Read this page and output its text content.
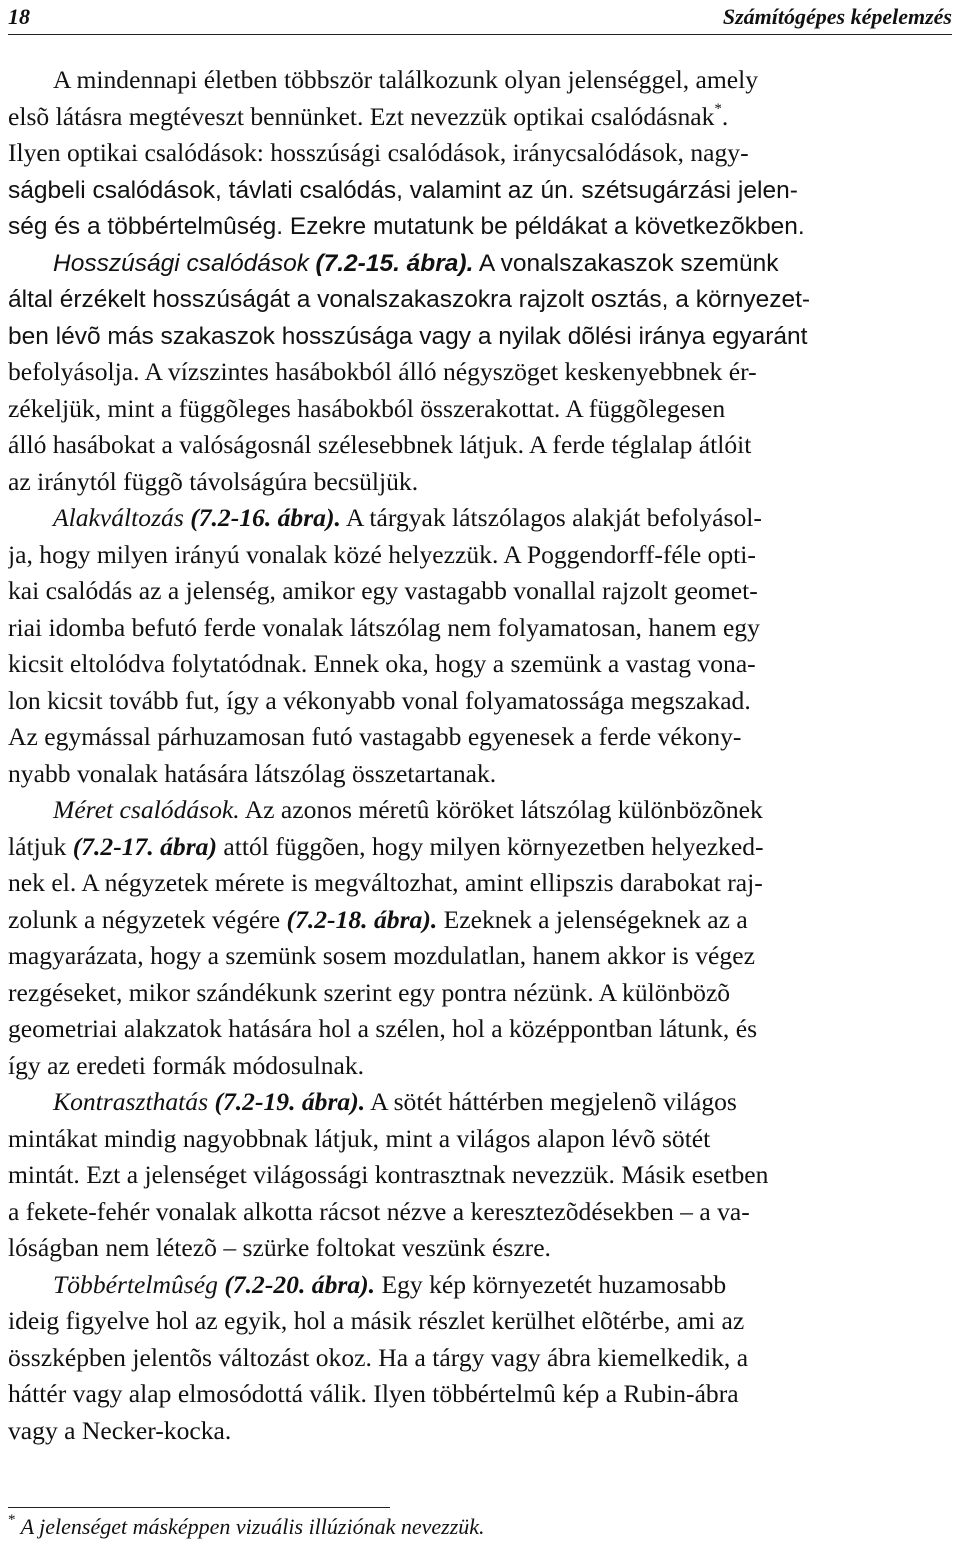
18	Számítógépes képelemzés
A mindennapi életben többször találkozunk olyan jelenséggel, amely
elsõ látásra megtéveszt bennünket. Ezt nevezzük optikai csalódásnak*.
Ilyen optikai csalódások: hosszúsági csalódások, iránycsalódások, nagy-
ságbeli csalódások, távlati csalódás, valamint az ún. szétsugárzási jelen-
ség és a többértelmûség. Ezekre mutatunk be példákat a következõkben.
Hosszúsági csalódások (7.2-15. ábra). A vonalszakaszok szemünk
által érzékelt hosszúságát a vonalszakaszokra rajzolt osztás, a környezet-
ben lévõ más szakaszok hosszúsága vagy a nyilak dõlési iránya egyaránt
befolyásolja. A vízszintes hasábokból álló négyszöget keskenyebbnek ér-
zékeljük, mint a függõleges hasábokból összerakottat. A függõlegesen
álló hasábokat a valóságosnál szélesebbnek látjuk. A ferde téglalap átlóit
az iránytól függõ távolságúra becsüljük.
Alakváltozás (7.2-16. ábra). A tárgyak látszólagos alakját befolyásol-
ja, hogy milyen irányú vonalak közé helyezzük. A Poggendorff-féle opti-
kai csalódás az a jelenség, amikor egy vastagabb vonallal rajzolt geomet-
riai idomba befutó ferde vonalak látszólag nem folyamatosan, hanem egy
kicsit eltolódva folytatódnak. Ennek oka, hogy a szemünk a vastag vona-
lon kicsit tovább fut, így a vékonyabb vonal folyamatossága megszakad.
Az egymással párhuzamosan futó vastagabb egyenesek a ferde vékony-
nyabb vonalak hatására látszólag összetartanak.
Méret csalódások. Az azonos méretû köröket látszólag különbözõnek
látjuk (7.2-17. ábra) attól függõen, hogy milyen környezetben helyezked-
nek el. A négyzetek mérete is megváltozhat, amint ellipszis darabokat raj-
zolunk a négyzetek végére (7.2-18. ábra). Ezeknek a jelenségeknek az a
magyarázata, hogy a szemünk sosem mozdulatlan, hanem akkor is végez
rezgéseket, mikor szándékunk szerint egy pontra nézünk. A különbözõ
geometriai alakzatok hatására hol a szélen, hol a középpontban látunk, és
így az eredeti formák módosulnak.
Kontraszthatás (7.2-19. ábra). A sötét háttérben megjelenõ világos
mintákat mindig nagyobbnak látjuk, mint a világos alapon lévõ sötét
mintát. Ezt a jelenséget világossági kontrasztnak nevezzük. Másik esetben
a fekete-fehér vonalak alkotta rácsot nézve a keresztezõdésekben – a va-
lóságban nem létezõ – szürke foltokat veszünk észre.
Többértelmûség (7.2-20. ábra). Egy kép környezetét huzamosabb
ideig figyelve hol az egyik, hol a másik részlet kerülhet elõtérbe, ami az
összképben jelentõs változást okoz. Ha a tárgy vagy ábra kiemelkedik, a
háttér vagy alap elmosódottá válik. Ilyen többértelmû kép a Rubin-ábra
vagy a Necker-kocka.
* A jelenséget másképpen vizuális illúziónak nevezzük.
